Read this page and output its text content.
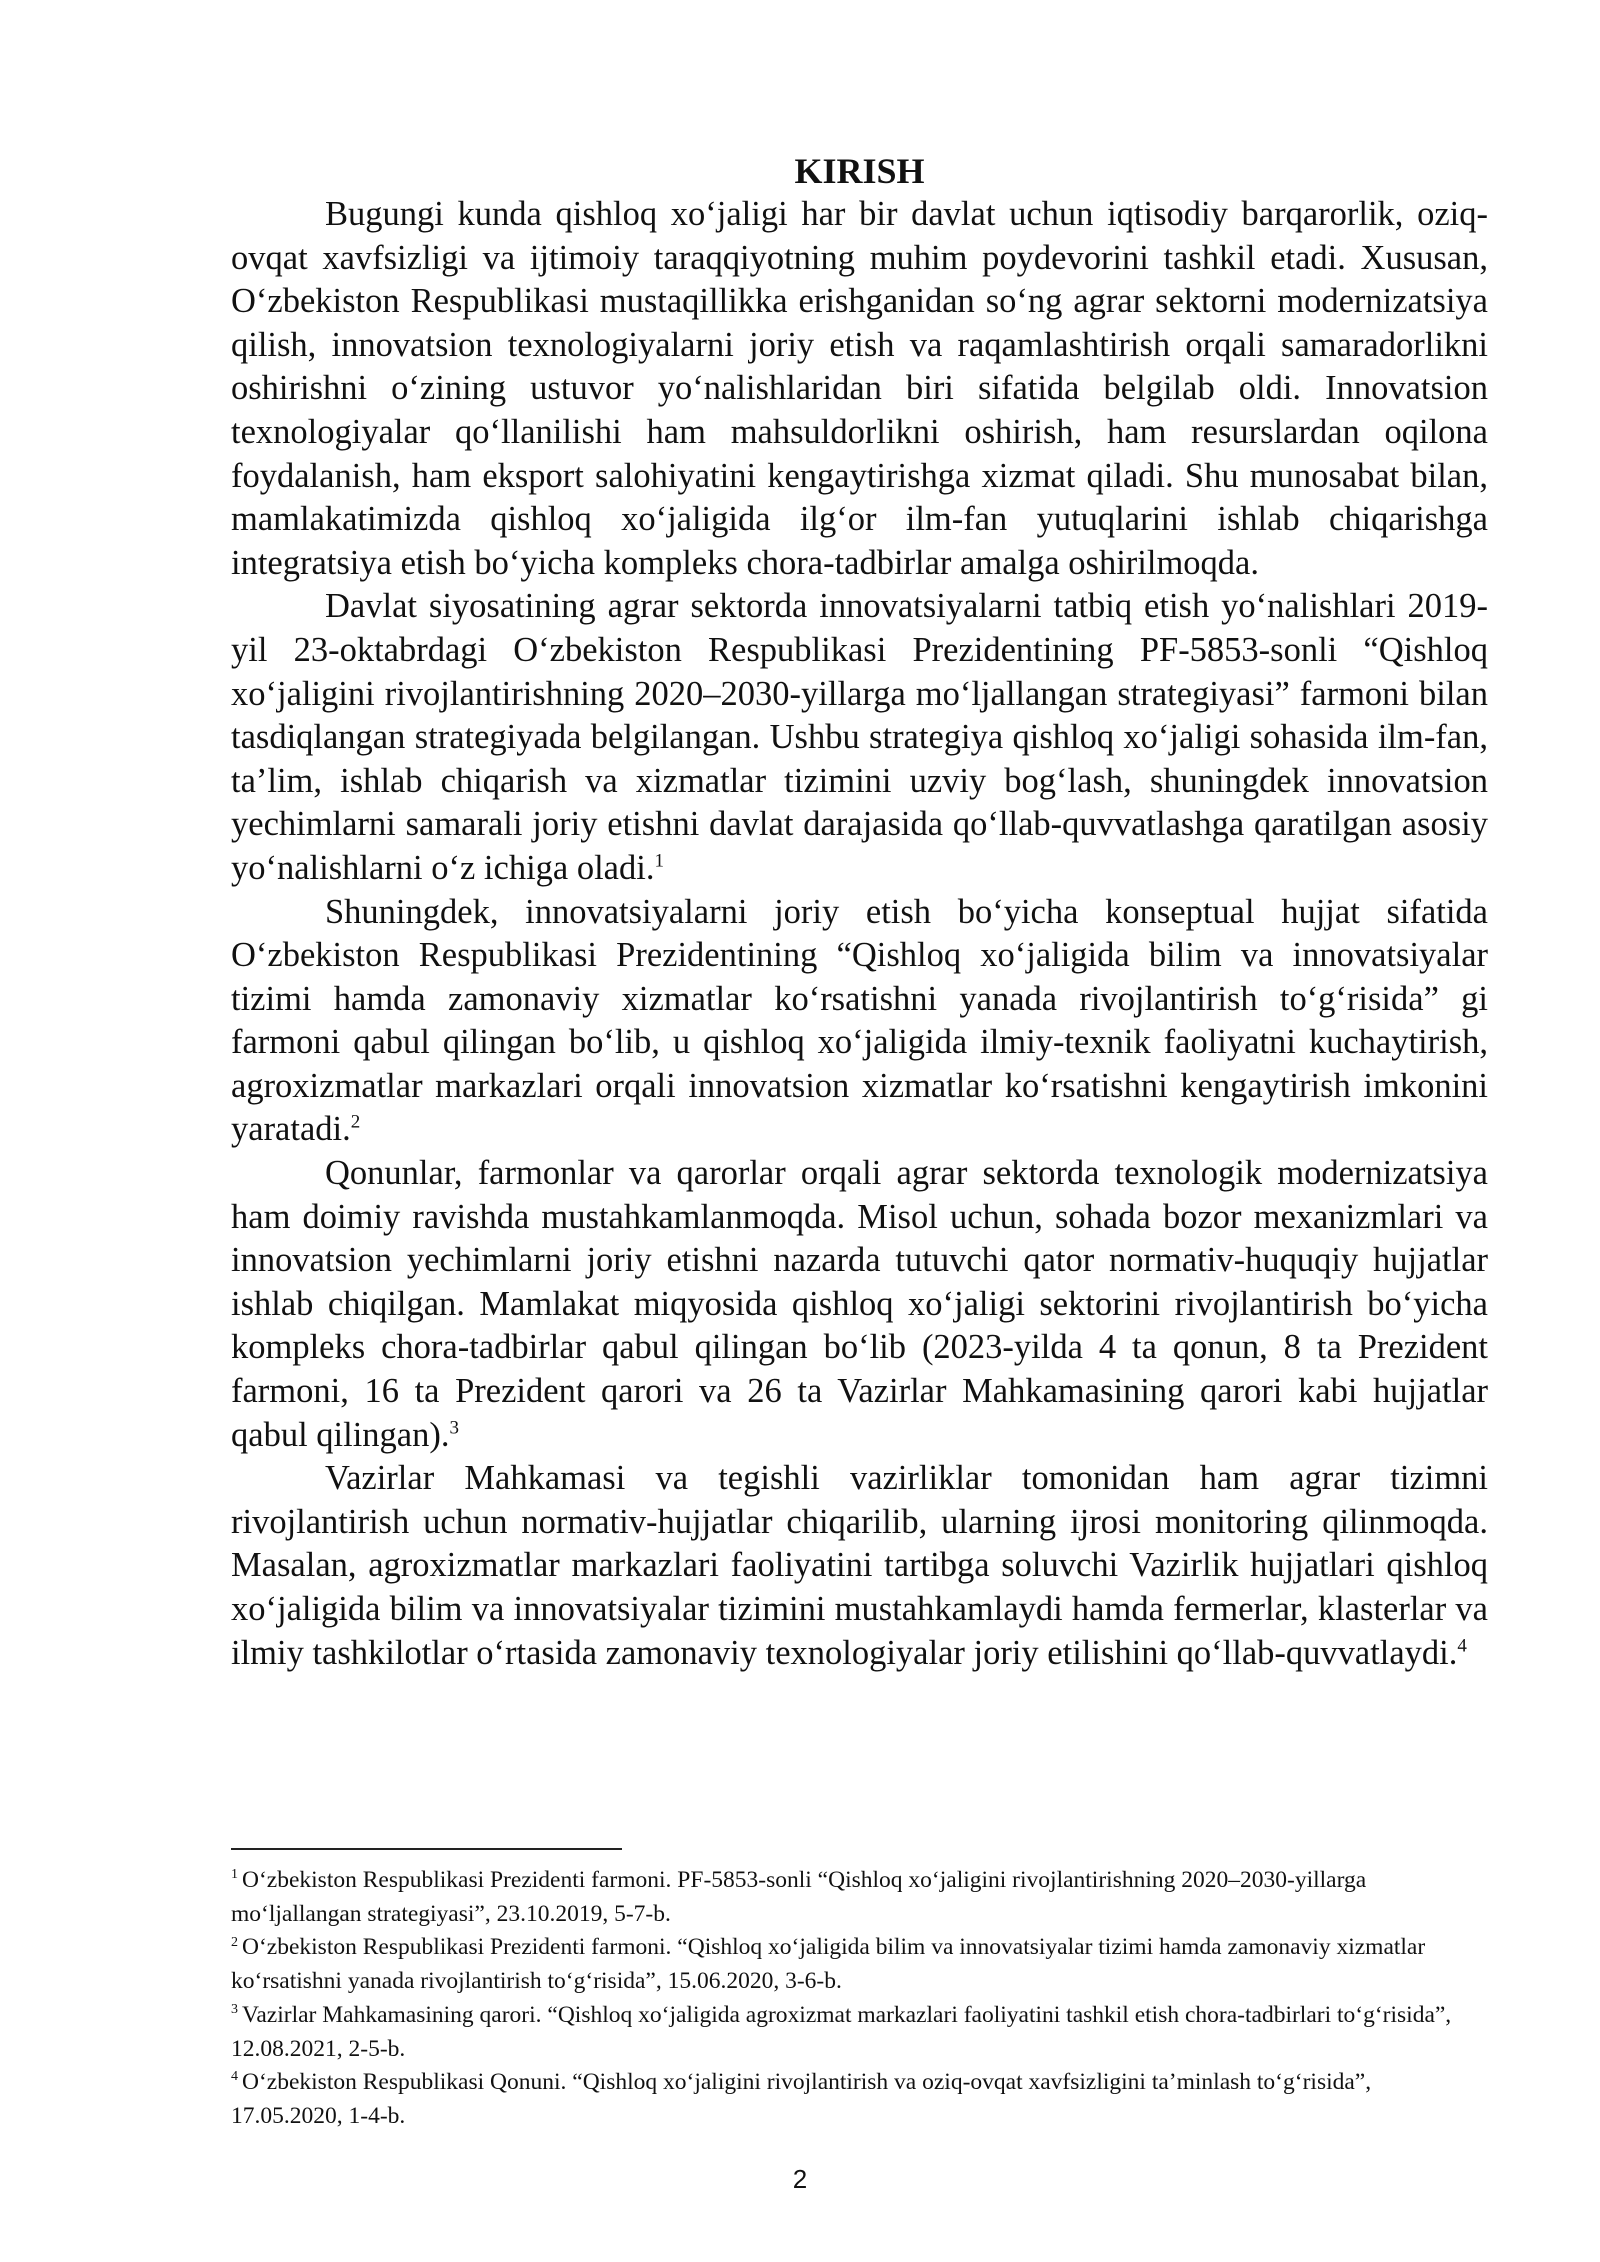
KIRISH

Bugungi kunda qishloq xo‘jaligi har bir davlat uchun iqtisodiy barqarorlik, oziq-ovqat xavfsizligi va ijtimoiy taraqqiyotning muhim poydevorini tashkil etadi. Xususan, O‘zbekiston Respublikasi mustaqillikka erishganidan so‘ng agrar sektorni modernizatsiya qilish, innovatsion texnologiyalarni joriy etish va raqamlashtirish orqali samaradorlikni oshirishni o‘zining ustuvor yo‘nalishlaridan biri sifatida belgilab oldi. Innovatsion texnologiyalar qo‘llanilishi ham mahsuldorlikni oshirish, ham resurslardan oqilona foydalanish, ham eksport salohiyatini kengaytirishga xizmat qiladi. Shu munosabat bilan, mamlakatimizda qishloq xo‘jaligida ilg‘or ilm-fan yutuqlarini ishlab chiqarishga integratsiya etish bo‘yicha kompleks chora-tadbirlar amalga oshirilmoqda.

Davlat siyosatining agrar sektorda innovatsiyalarni tatbiq etish yo‘nalishlari 2019-yil 23-oktabrdagi O‘zbekiston Respublikasi Prezidentining PF-5853-sonli “Qishloq xo‘jaligini rivojlantirishning 2020–2030-yillarga mo‘ljallangan strategiyasi” farmoni bilan tasdiqlangan strategiyada belgilangan. Ushbu strategiya qishloq xo‘jaligi sohasida ilm-fan, ta’lim, ishlab chiqarish va xizmatlar tizimini uzviy bog‘lash, shuningdek innovatsion yechimlarni samarali joriy etishni davlat darajasida qo‘llab-quvvatlashga qaratilgan asosiy yo‘nalishlarni o‘z ichiga oladi.$^1$

Shuningdek, innovatsiyalarni joriy etish bo‘yicha konseptual hujjat sifatida O‘zbekiston Respublikasi Prezidentining “Qishloq xo‘jaligida bilim va innovatsiyalar tizimi hamda zamonaviy xizmatlar ko‘rsatishni yanada rivojlantirish to‘g‘risida” gi farmoni qabul qilingan bo‘lib, u qishloq xo‘jaligida ilmiy-texnik faoliyatni kuchaytirish, agroxizmatlar markazlari orqali innovatsion xizmatlar ko‘rsatishni kengaytirish imkonini yaratadi.$^2$

Qonunlar, farmonlar va qarorlar orqali agrar sektorda texnologik modernizatsiya ham doimiy ravishda mustahkamlanmoqda. Misol uchun, sohada bozor mexanizmlari va innovatsion yechimlarni joriy etishni nazarda tutuvchi qator normativ-huquqiy hujjatlar ishlab chiqilgan. Mamlakat miqyosida qishloq xo‘jaligi sektorini rivojlantirish bo‘yicha kompleks chora-tadbirlar qabul qilingan bo‘lib (2023-yilda 4 ta qonun, 8 ta Prezident farmoni, 16 ta Prezident qarori va 26 ta Vazirlar Mahkamasining qarori kabi hujjatlar qabul qilingan).$^3$

Vazirlar Mahkamasi va tegishli vazirliklar tomonidan ham agrar tizimni rivojlantirish uchun normativ-hujjatlar chiqarilib, ularning ijrosi monitoring qilinmoqda. Masalan, agroxizmatlar markazlari faoliyatini tartibga soluvchi Vazirlik hujjatlari qishloq xo‘jaligida bilim va innovatsiyalar tizimini mustahkamlaydi hamda fermerlar, klasterlar va ilmiy tashkilotlar o‘rtasida zamonaviy texnologiyalar joriy etilishini qo‘llab-quvvatlaydi.$^4$

$^1$ O‘zbekiston Respublikasi Prezidenti farmoni. PF-5853-sonli “Qishloq xo‘jaligini rivojlantirishning 2020–2030-yillarga mo‘ljallangan strategiyasi”, 23.10.2019, 5-7-b.

$^2$ O‘zbekiston Respublikasi Prezidenti farmoni. “Qishloq xo‘jaligida bilim va innovatsiyalar tizimi hamda zamonaviy xizmatlar ko‘rsatishni yanada rivojlantirish to‘g‘risida”, 15.06.2020, 3-6-b.

$^3$ Vazirlar Mahkamasining qarori. “Qishloq xo‘jaligida agroxizmat markazlari faoliyatini tashkil etish chora-tadbirlari to‘g‘risida”, 12.08.2021, 2-5-b.

$^4$ O‘zbekiston Respublikasi Qonuni. “Qishloq xo‘jaligini rivojlantirish va oziq-ovqat xavfsizligini ta’minlash to‘g‘risida”, 17.05.2020, 1-4-b.

2
